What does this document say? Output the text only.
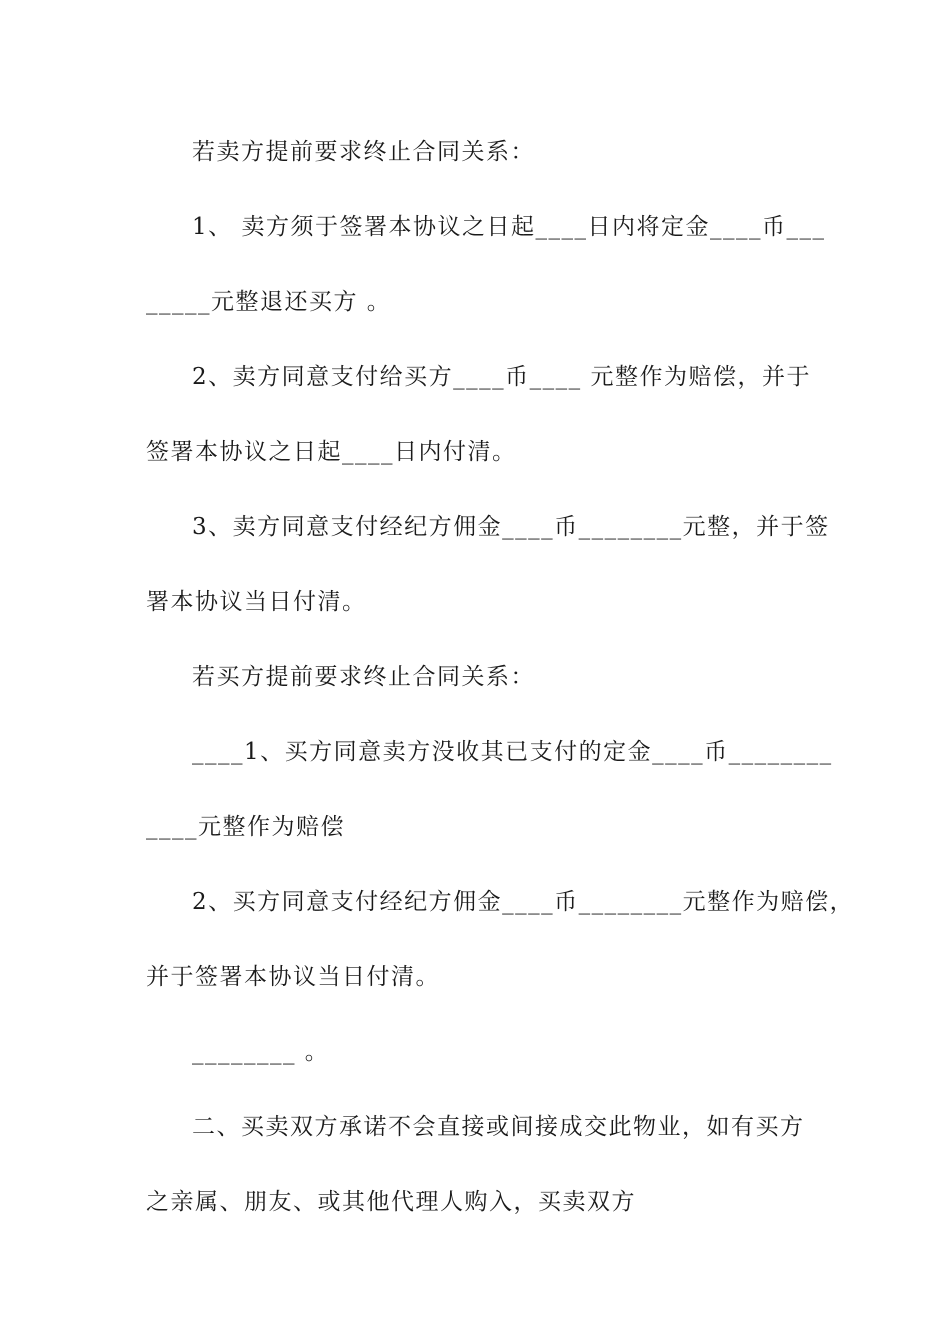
若卖方提前要求终止合同关系：
1、 卖方须于签署本协议之日起____日内将定金____币___
_____元整退还买方 。
2、卖方同意支付给买方____币____ 元整作为赔偿，并于
签署本协议之日起____日内付清。
3、卖方同意支付经纪方佣金____币________元整，并于签
署本协议当日付清。
若买方提前要求终止合同关系：
____1、买方同意卖方没收其已支付的定金____币________
____元整作为赔偿
2、买方同意支付经纪方佣金____币________元整作为赔偿，
并于签署本协议当日付清。
________ 。
二、买卖双方承诺不会直接或间接成交此物业，如有买方
之亲属、朋友、或其他代理人购入，买卖双方
